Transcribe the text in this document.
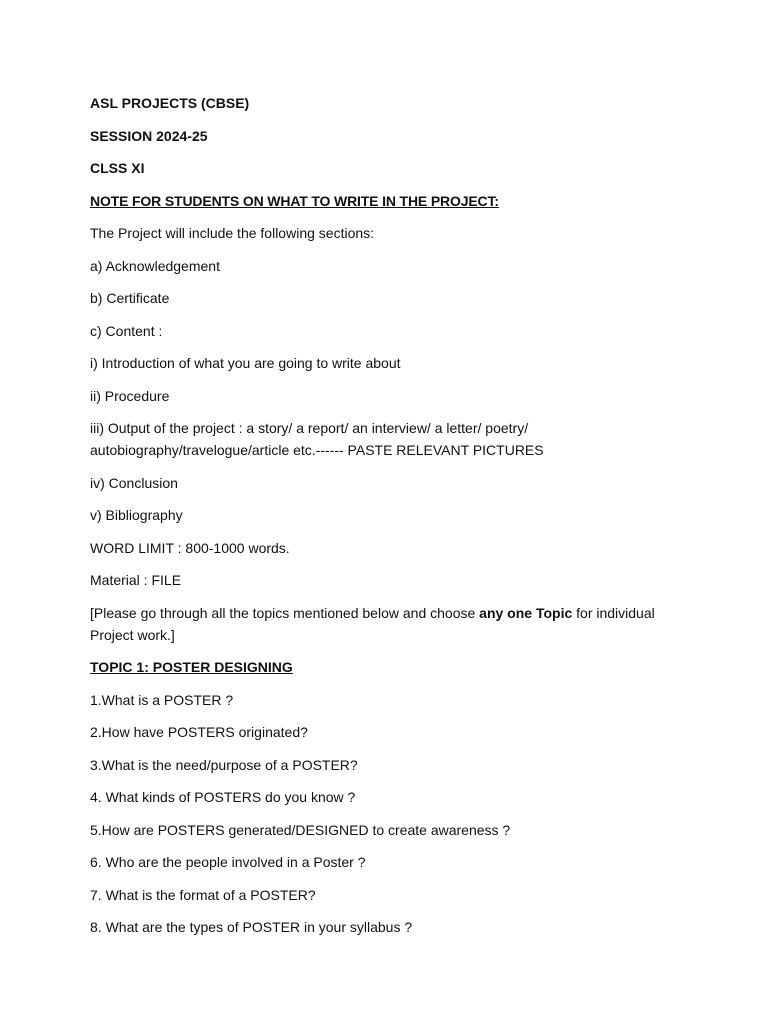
ASL PROJECTS (CBSE)

SESSION 2024-25

CLSS XI

NOTE FOR STUDENTS ON WHAT TO WRITE IN THE PROJECT:

The Project will include the following sections:

a) Acknowledgement

b) Certificate

c) Content :

i) Introduction of what you are going to write about

ii) Procedure

iii) Output of the project : a story/ a report/ an interview/ a letter/ poetry/ autobiography/travelogue/article etc.------ PASTE RELEVANT PICTURES

iv) Conclusion

v) Bibliography

WORD LIMIT : 800-1000 words.

Material : FILE

[Please go through all the topics mentioned below and choose any one Topic for individual Project work.]

TOPIC 1: POSTER DESIGNING

1.What is a POSTER ?

2.How have POSTERS originated?

3.What is the need/purpose of a POSTER?

4. What kinds of POSTERS do you know ?

5.How are POSTERS generated/DESIGNED to create awareness ?

6. Who are the people involved in a Poster ?

7. What is the format of a POSTER?

8. What are the types of POSTER in your syllabus ?
